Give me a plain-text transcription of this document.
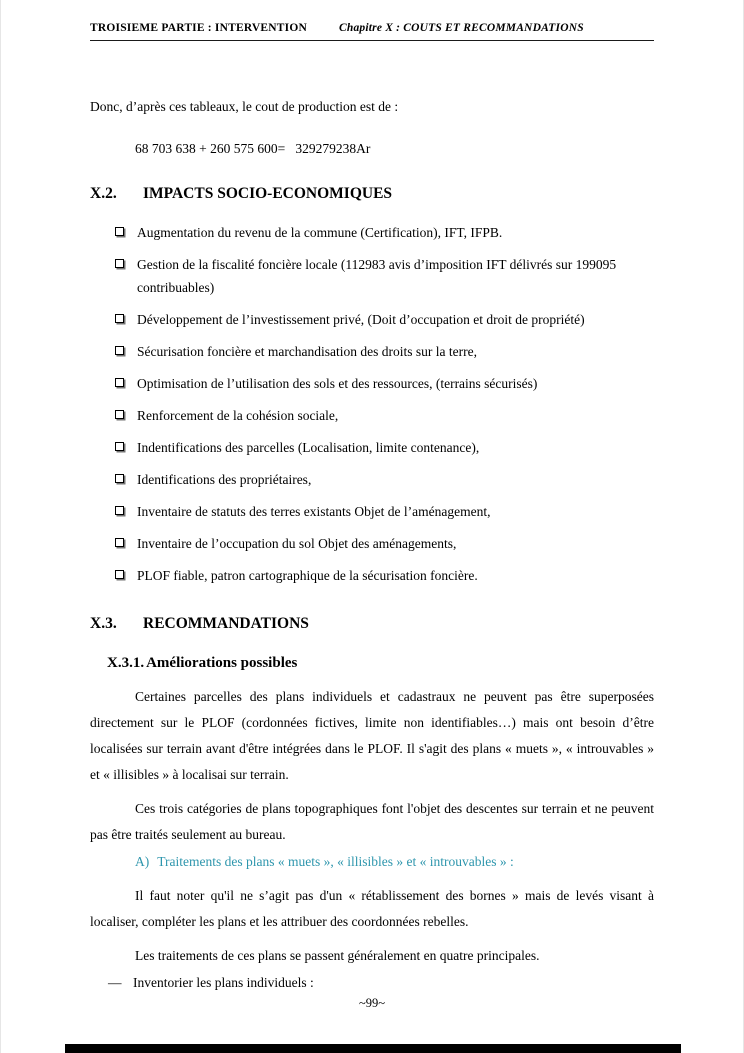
TROISIEME PARTIE : INTERVENTION	Chapitre X : COUTS ET RECOMMANDATIONS

Donc, d’après ces tableaux, le cout de production est de :

68 703 638 + 260 575 600=   329279238Ar

X.2.	IMPACTS SOCIO-ECONOMIQUES
Augmentation du revenu de la commune (Certification), IFT, IFPB.
Gestion de la fiscalité foncière locale (112983 avis d’imposition IFT délivrés sur 199095 contribuables)
Développement de l’investissement privé, (Doit d’occupation et droit de propriété)
Sécurisation foncière et marchandisation des droits sur la terre,
Optimisation de l’utilisation des sols et des ressources, (terrains sécurisés)
Renforcement de la cohésion sociale,
Indentifications des parcelles (Localisation, limite contenance),
Identifications des propriétaires,
Inventaire de statuts des terres existants Objet de l’aménagement,
Inventaire de l’occupation du sol Objet des aménagements,
PLOF fiable, patron cartographique de la sécurisation foncière.
X.3.	RECOMMANDATIONS
X.3.1. Améliorations possibles

Certaines parcelles des plans individuels et cadastraux ne peuvent pas être superposées directement sur le PLOF (cordonnées fictives, limite non identifiables…) mais ont besoin d’être localisées sur terrain avant d'être intégrées dans le PLOF. Il s'agit des plans « muets », « introuvables » et « illisibles » à localisai sur terrain.

Ces trois catégories de plans topographiques font l'objet des descentes sur terrain et ne peuvent pas être traités seulement au bureau.

A) Traitements des plans « muets », « illisibles » et « introuvables » :

Il faut noter qu'il ne s’agit pas d'un « rétablissement des bornes » mais de levés visant à localiser, compléter les plans et les attribuer des coordonnées rebelles.

Les traitements de ces plans se passent généralement en quatre principales.

— Inventorier les plans individuels :
~99~
